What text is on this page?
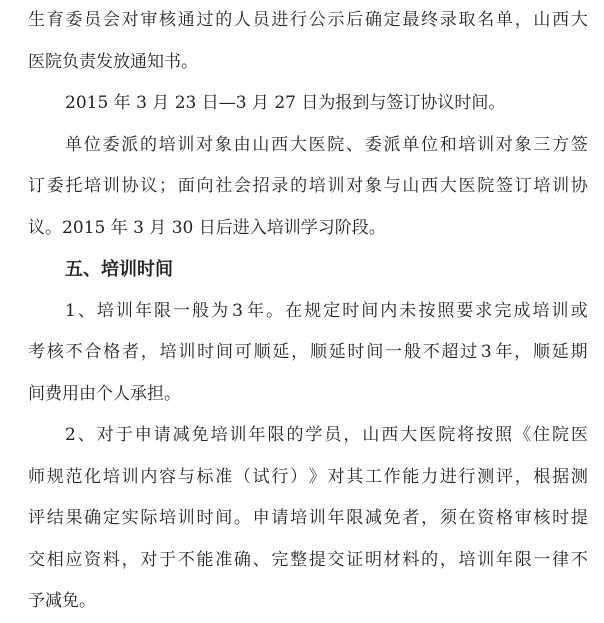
生 育 委 员 会 对 审 核 通 过 的 人 员 进 行 公 示 后 确 定 最 终 录 取 名 单 ， 山 西 大
医院负责发放通知书。
2015 年 3 月 23 日—3 月 27 日为报到与签订协议时间。
单 位 委 派 的 培 训 对 象 由 山 西 大 医 院 、 委 派 单 位 和 培 训 对 象 三 方 签
订 委 托 培 训 协 议 ； 面 向 社 会 招 录 的 培 训 对 象 与 山 西 大 医 院 签 订 培 训 协
议。2015 年 3 月 30 日后进入培训学习阶段。
五、培训时间
1 、 培 训 年 限 一 般 为 3 年 。 在 规 定 时 间 内 未 按 照 要 求 完 成 培 训 或
考 核 不 合 格 者 ， 培 训 时 间 可 顺 延 ， 顺 延 时 间 一 般 不 超 过 3 年 ， 顺 延 期
间费用由个人承担。
2 、 对 于 申 请 减 免 培 训 年 限 的 学 员 ， 山 西 大 医 院 将 按 照 《 住 院 医
师 规 范 化 培 训 内 容 与 标 准 （ 试 行 ） 》 对 其 工 作 能 力 进 行 测 评 ， 根 据 测
评 结 果 确 定 实 际 培 训 时 间 。 申 请 培 训 年 限 减 免 者 ， 须 在 资 格 审 核 时 提
交 相 应 资 料 ， 对 于 不 能 准 确 、 完 整 提 交 证 明 材 料 的 ， 培 训 年 限 一 律 不
予减免。
